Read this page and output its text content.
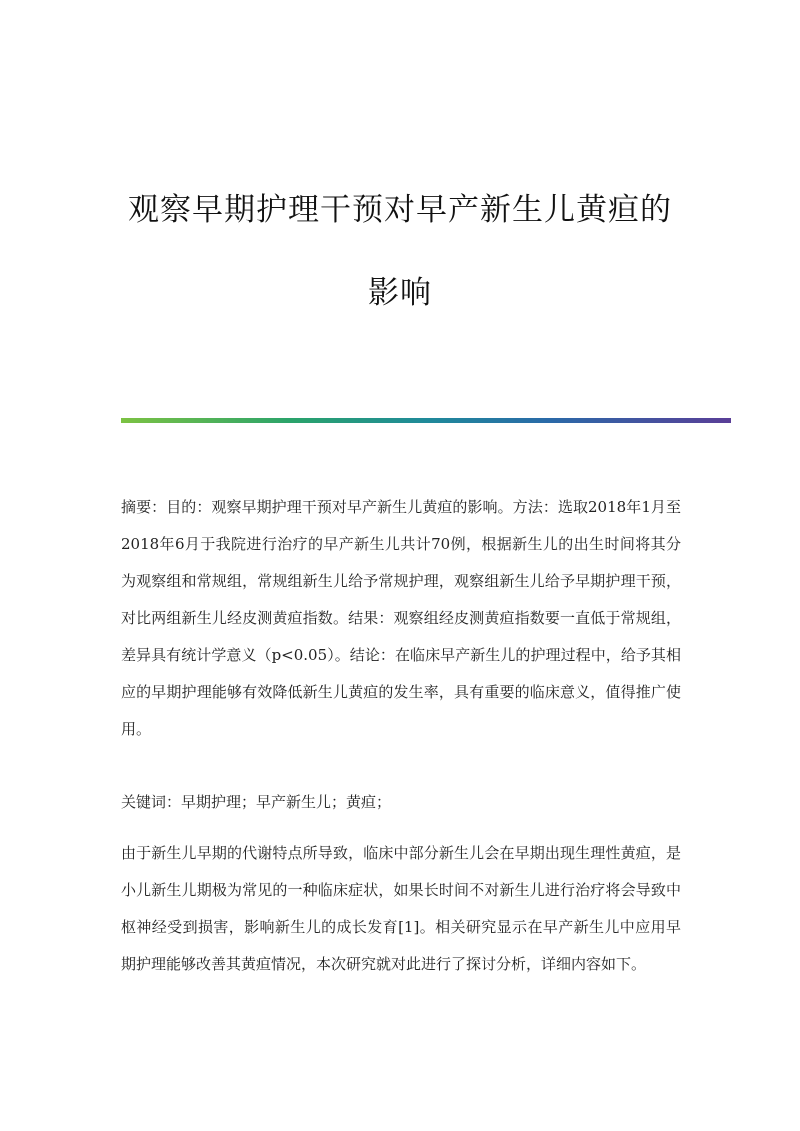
观察早期护理干预对早产新生儿黄疸的
影响

摘要：目的：观察早期护理干预对早产新生儿黄疸的影响。方法：选取2018年1月至2018年6月于我院进行治疗的早产新生儿共计70例，根据新生儿的出生时间将其分为观察组和常规组，常规组新生儿给予常规护理，观察组新生儿给予早期护理干预，对比两组新生儿经皮测黄疸指数。结果：观察组经皮测黄疸指数要一直低于常规组，差异具有统计学意义（p<0.05）。结论：在临床早产新生儿的护理过程中，给予其相应的早期护理能够有效降低新生儿黄疸的发生率，具有重要的临床意义，值得推广使用。

关键词：早期护理；早产新生儿；黄疸；

由于新生儿早期的代谢特点所导致，临床中部分新生儿会在早期出现生理性黄疸，是小儿新生儿期极为常见的一种临床症状，如果长时间不对新生儿进行治疗将会导致中枢神经受到损害，影响新生儿的成长发育[1]。相关研究显示在早产新生儿中应用早期护理能够改善其黄疸情况，本次研究就对此进行了探讨分析，详细内容如下。
